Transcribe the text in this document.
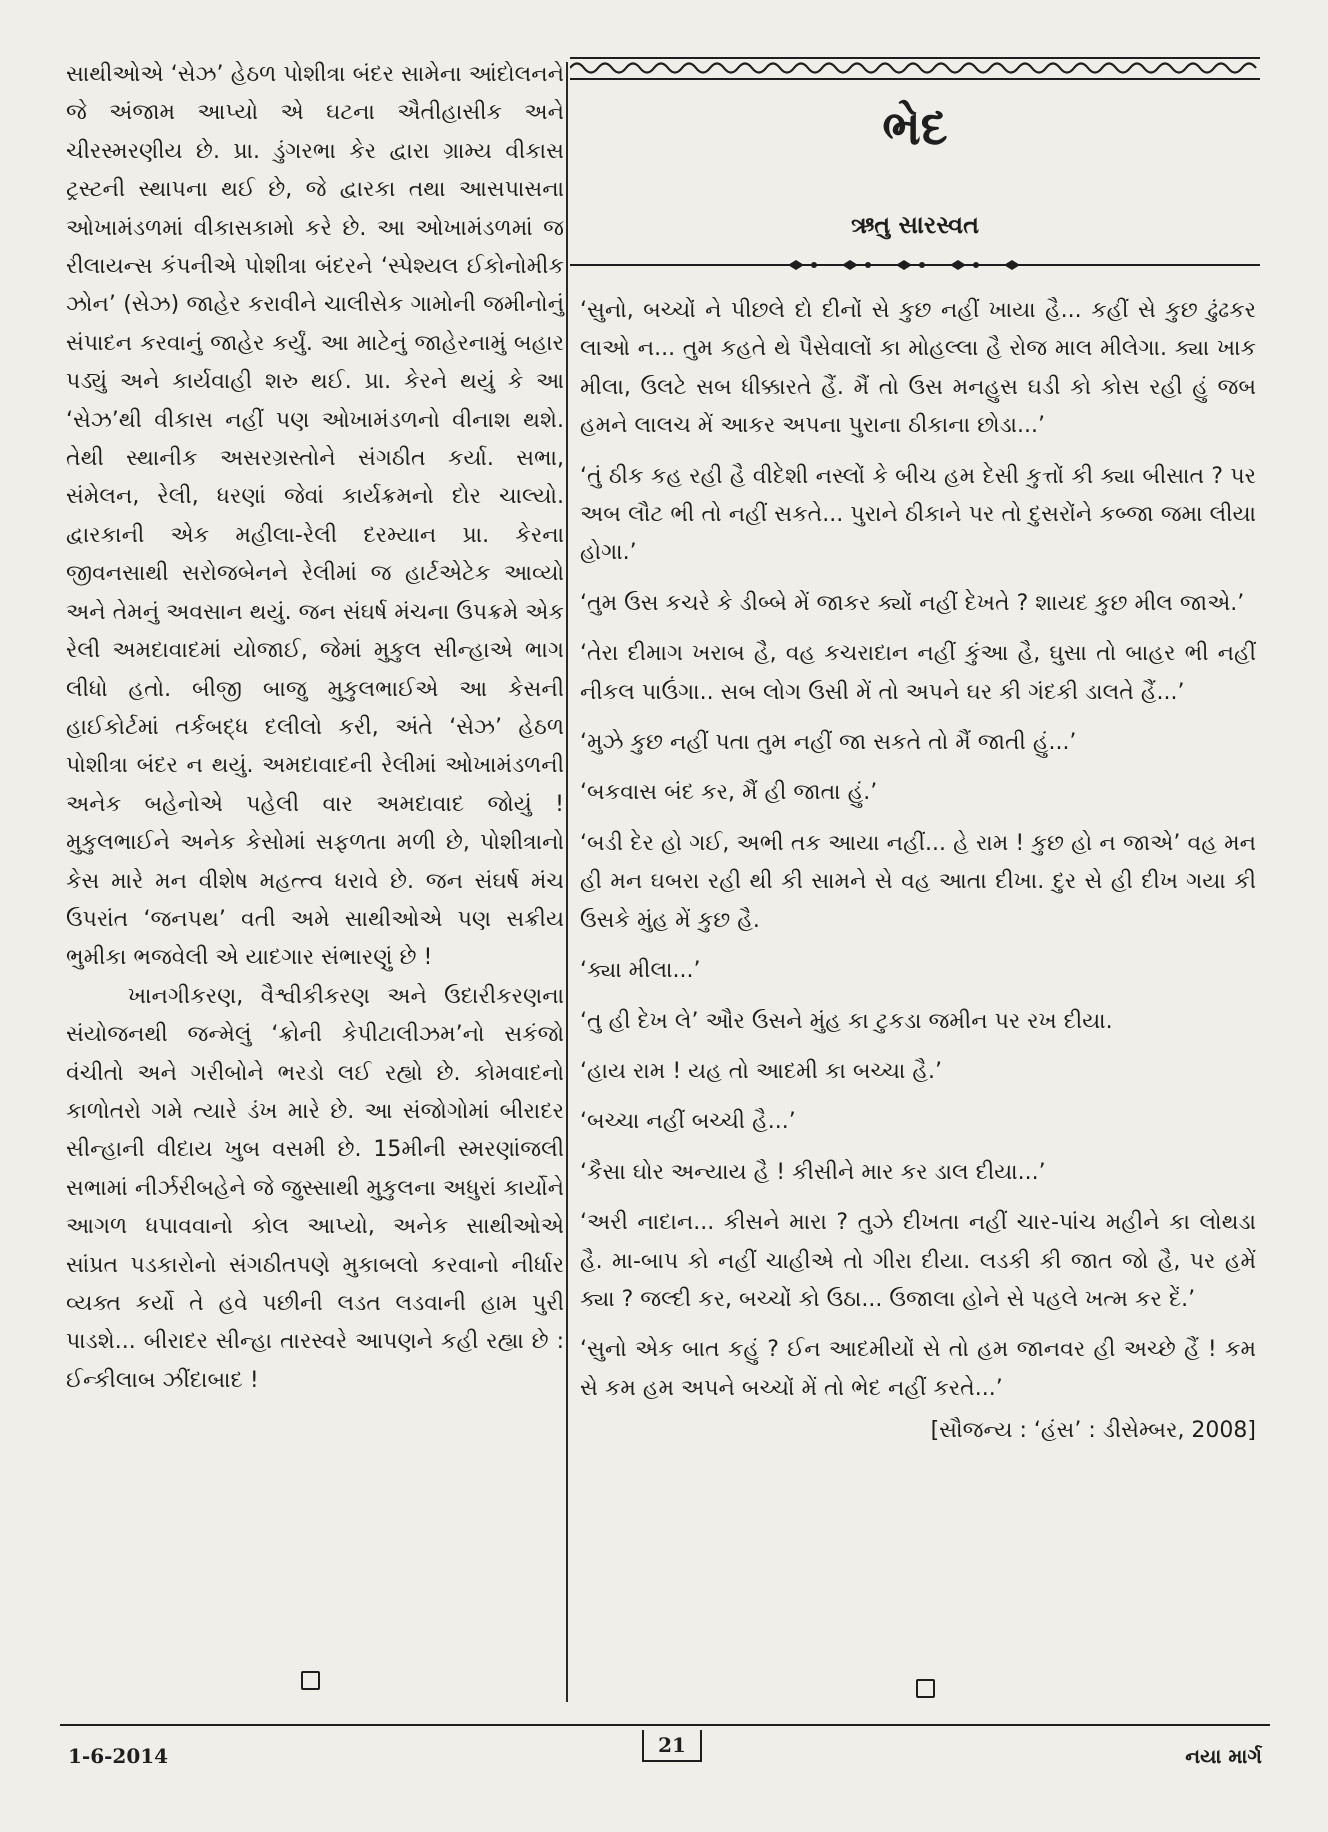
સાથીઓએ ‘સેઝ’ હેઠળ પોશીત્રા બંદર સામેના આંદોલનને જે અંજામ આપ્યો એ ઘટના ઐતીહાસીક અને ચીરસ્મરણીય છે. પ્રા. ડુંગરભા કેર દ્વારા ગ્રામ્ય વીકાસ ટ્રસ્ટની સ્થાપના થઈ છે, જે દ્વારકા તથા આસપાસના ઓખામંડળમાં વીકાસકામો કરે છે. આ ઓખામંડળમાં જ રીલાયન્સ કંપનીએ પોશીત્રા બંદરને ‘સ્પેશ્યલ ઈકોનોમીક ઝોન’ (સેઝ) જાહેર કરાવીને ચાલીસેક ગામોની જમીનોનું સંપાદન કરવાનું જાહેર કર્યું. આ માટેનું જાહેરનામું બહાર પડ્યું અને કાર્યવાહી શરુ થઈ. પ્રા. કેરને થયું કે આ ‘સેઝ’થી વીકાસ નહીં પણ ઓખામંડળનો વીનાશ થશે. તેથી સ્થાનીક અસરગ્રસ્તોને સંગઠીત કર્યા. સભા, સંમેલન, રેલી, ધરણાં જેવાં કાર્યક્રમનો દોર ચાલ્યો. દ્વારકાની એક મહીલા-રેલી દરમ્યાન પ્રા. કેરના જીવનસાથી સરોજબેનને રેલીમાં જ હાર્ટએટેક આવ્યો અને તેમનું અવસાન થયું. જન સંઘર્ષ મંચના ઉપક્રમે એક રેલી અમદાવાદમાં યોજાઈ, જેમાં મુકુલ સીન્હાએ ભાગ લીધો હતો. બીજી બાજુ મુકુલભાઈએ આ કેસની હાઈકોર્ટમાં તર્કબદ્ધ દલીલો કરી, અંતે ‘સેઝ’ હેઠળ પોશીત્રા બંદર ન થયું. અમદાવાદની રેલીમાં ઓખામંડળની અનેક બહેનોએ પહેલી વાર અમદાવાદ જોયું ! મુકુલભાઈને અનેક કેસોમાં સફળતા મળી છે, પોશીત્રાનો કેસ મારે મન વીશેષ મહત્ત્વ ધરાવે છે. જન સંઘર્ષ મંચ ઉપરાંત ‘જનપથ’ વતી અમે સાથીઓએ પણ સક્રીય ભુમીકા ભજવેલી એ યાદગાર સંભારણું છે !

ખાનગીકરણ, વૈશ્વીકીકરણ અને ઉદારીકરણના સંયોજનથી જન્મેલું ‘ક્રોની કેપીટાલીઝમ’નો સકંજો વંચીતો અને ગરીબોને ભરડો લઈ રહ્યો છે. કોમવાદનો કાળોતરો ગમે ત્યારે ડંખ મારે છે. આ સંજોગોમાં બીરાદર સીન્હાની વીદાય ખુબ વસમી છે. 15મીની સ્મરણાંજલી સભામાં નીર્ઝરીબહેને જે જુસ્સાથી મુકુલના અધુરાં કાર્યોને આગળ ધપાવવાનો કોલ આપ્યો, અનેક સાથીઓએ સાંપ્રત પડકારોનો સંગઠીતપણે મુકાબલો કરવાનો નીર્ધાર વ્યક્ત કર્યો તે હવે પછીની લડત લડવાની હામ પુરી પાડશે... બીરાદર સીન્હા તારસ્વરે આપણને કહી રહ્યા છે : ઈન્કીલાબ ઝીંદાબાદ !

ભેદ
ઋતુ સારસ્વત

‘સુનો, બચ્ચોં ને પીછલે દો દીનોં સે કુછ નહીં ખાયા હૈ... કહીં સે કુછ ઢુંઢકર લાઓ ન... તુમ કહતે થે પૈસેવાલોં કા મોહલ્લા હૈ રોજ માલ મીલેગા. ક્યા ખાક મીલા, ઉલટે સબ ધીક્કારતે હૈં. મૈં તો ઉસ મનહુસ ઘડી કો કોસ રહી હું જબ હમને લાલચ મેં આકર અપના પુરાના ઠીકાના છોડા...’

‘તું ઠીક કહ રહી હૈ વીદેશી નસ્લોં કે બીચ હમ દેસી કુત્તોં કી ક્યા બીસાત ? પર અબ લૌટ ભી તો નહીં સકતે... પુરાને ઠીકાને પર તો દુસરોંને કબ્જા જમા લીયા હોગા.’

‘તુમ ઉસ કચરે કે ડીબ્બે મેં જાકર ક્યોં નહીં દેખતે ? શાયદ કુછ મીલ જાએ.’

‘તેરા દીમાગ ખરાબ હૈ, વહ કચરાદાન નહીં કુંઆ હૈ, ઘુસા તો બાહર ભી નહીં નીકલ પાઉંગા.. સબ લોગ ઉસી મેં તો અપને ઘર કી ગંદકી ડાલતે હૈં...’

‘મુઝે કુછ નહીં પતા તુમ નહીં જા સકતે તો મૈં જાતી હું...’

‘બકવાસ બંદ કર, મૈં હી જાતા હું.’

‘બડી દેર હો ગઈ, અભી તક આયા નહીં... હે રામ ! કુછ હો ન જાએ’ વહ મન હી મન ઘબરા રહી થી કી સામને સે વહ આતા દીખા. દુર સે હી દીખ ગયા કી ઉસકે મુંહ મેં કુછ હૈ.

‘ક્યા મીલા...’

‘તુ હી દેખ લે’ ઔર ઉસને મુંહ કા ટુકડા જમીન પર રખ દીયા.

‘હાય રામ ! યહ તો આદમી કા બચ્ચા હૈ.’

‘બચ્ચા નહીં બચ્ચી હૈ...’

‘કૈસા ઘોર અન્યાય હૈ ! કીસીને માર કર ડાલ દીયા...’

‘અરી નાદાન... કીસને મારા ? તુઝે દીખતા નહીં ચાર-પાંચ મહીને કા લોથડા હૈ. મા-બાપ કો નહીં ચાહીએ તો ગીરા દીયા. લડકી કી જાત જો હૈ, પર હમેં ક્યા ? જલ્દી કર, બચ્ચોં કો ઉઠા... ઉજાલા હોને સે પહલે ખત્મ કર દેં.’

‘સુનો એક બાત કહું ? ઈન આદમીયોં સે તો હમ જાનવર હી અચ્છે હૈં ! કમ સે કમ હમ અપને બચ્ચોં મેં તો ભેદ નહીં કરતે...’

[સૌજન્ય : ‘હંસ’ : ડીસેમ્બર, 2008]
1-6-2014	21	નયા માર્ગ
